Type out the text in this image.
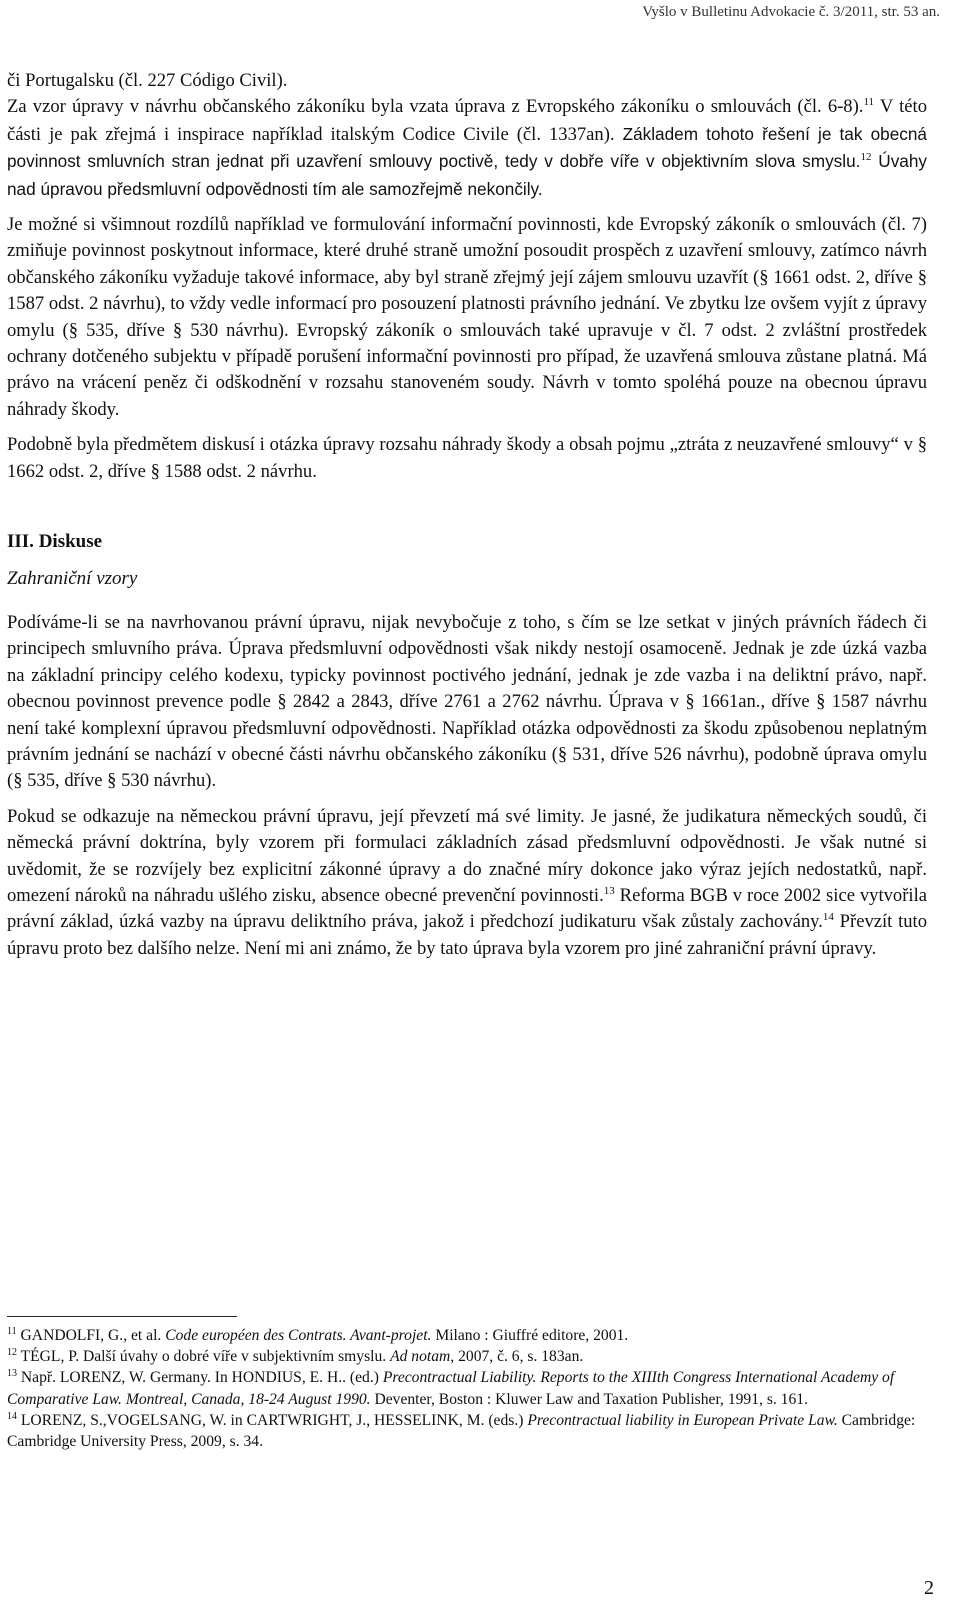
Vyšlo v Bulletinu Advokacie č. 3/2011, str. 53 an.

či Portugalsku (čl. 227 Código Civil).

Za vzor úpravy v návrhu občanského zákoníku byla vzata úprava z Evropského zákoníku o smlouvách (čl. 6-8).$^{11}$ V této části je pak zřejmá i inspirace například italským Codice Civile (čl. 1337an). Základem tohoto řešení je tak obecná povinnost smluvních stran jednat při uzavření smlouvy poctivě, tedy v dobře víře v objektivním slova smyslu.$^{12}$ Úvahy nad úpravou předsmluvní odpovědnosti tím ale samozřejmě nekončily.

Je možné si všimnout rozdílů například ve formulování informační povinnosti, kde Evropský zákoník o smlouvách (čl. 7) zmiňuje povinnost poskytnout informace, které druhé straně umožní posoudit prospěch z uzavření smlouvy, zatímco návrh občanského zákoníku vyžaduje takové informace, aby byl straně zřejmý její zájem smlouvu uzavřít (§ 1661 odst. 2, dříve § 1587 odst. 2 návrhu), to vždy vedle informací pro posouzení platnosti právního jednání. Ve zbytku lze ovšem vyjít z úpravy omylu (§ 535, dříve § 530 návrhu). Evropský zákoník o smlouvách také upravuje v čl. 7 odst. 2 zvláštní prostředek ochrany dotčeného subjektu v případě porušení informační povinnosti pro případ, že uzavřená smlouva zůstane platná. Má právo na vrácení peněz či odškodnění v rozsahu stanoveném soudy. Návrh v tomto spoléhá pouze na obecnou úpravu náhrady škody.

Podobně byla předmětem diskusí i otázka úpravy rozsahu náhrady škody a obsah pojmu „ztráta z neuzavřené smlouvy“ v § 1662 odst. 2, dříve § 1588 odst. 2 návrhu.

III. Diskuse
Zahraniční vzory

Podíváme-li se na navrhovanou právní úpravu, nijak nevybočuje z toho, s čím se lze setkat v jiných právních řádech či principech smluvního práva. Úprava předsmluvní odpovědnosti však nikdy nestojí osamoceně. Jednak je zde úzká vazba na základní principy celého kodexu, typicky povinnost poctivého jednání, jednak je zde vazba i na deliktní právo, např. obecnou povinnost prevence podle § 2842 a 2843, dříve 2761 a 2762 návrhu. Úprava v § 1661an., dříve § 1587 návrhu není také komplexní úpravou předsmluvní odpovědnosti. Například otázka odpovědnosti za škodu způsobenou neplatným právním jednání se nachází v obecné části návrhu občanského zákoníku (§ 531, dříve 526 návrhu), podobně úprava omylu (§ 535, dříve § 530 návrhu).

Pokud se odkazuje na německou právní úpravu, její převzetí má své limity. Je jasné, že judikatura německých soudů, či německá právní doktrína, byly vzorem při formulaci základních zásad předsmluvní odpovědnosti. Je však nutné si uvědomit, že se rozvíjely bez explicitní zákonné úpravy a do značné míry dokonce jako výraz jejích nedostatků, např. omezení nároků na náhradu ušlého zisku, absence obecné prevenční povinnosti.$^{13}$ Reforma BGB v roce 2002 sice vytvořila právní základ, úzká vazby na úpravu deliktního práva, jakož i předchozí judikaturu však zůstaly zachovány.$^{14}$ Převzít tuto úpravu proto bez dalšího nelze. Není mi ani známo, že by tato úprava byla vzorem pro jiné zahraniční právní úpravy.

$^{11}$ GANDOLFI, G., et al. Code européen des Contrats. Avant-projet. Milano : Giuffré editore, 2001.

$^{12}$ TÉGL, P. Další úvahy o dobré víře v subjektivním smyslu. Ad notam, 2007, č. 6, s. 183an.

$^{13}$ Např. LORENZ, W. Germany. In HONDIUS, E. H.. (ed.) Precontractual Liability. Reports to the XIIIth Congress International Academy of Comparative Law. Montreal, Canada, 18-24 August 1990. Deventer, Boston : Kluwer Law and Taxation Publisher, 1991, s. 161.

$^{14}$ LORENZ, S.,VOGELSANG, W. in CARTWRIGHT, J., HESSELINK, M. (eds.) Precontractual liability in European Private Law. Cambridge: Cambridge University Press, 2009, s. 34.

2
